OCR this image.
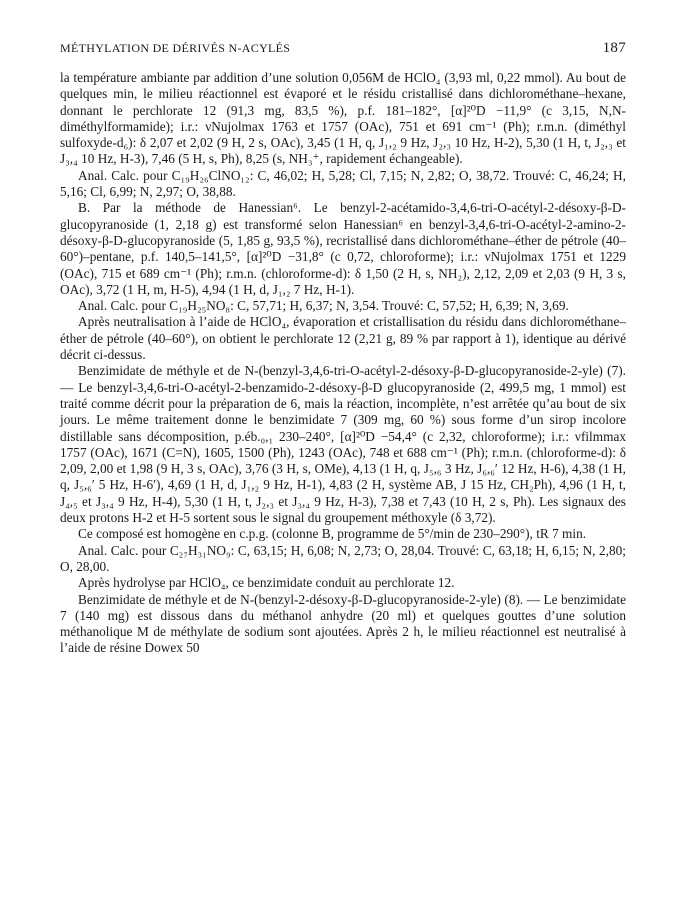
MÉTHYLATION DE DÉRIVÉS N-ACYLÉS	187

la température ambiante par addition d’une solution 0,056M de HClO₄ (3,93 ml, 0,22 mmol). Au bout de quelques min, le milieu réactionnel est évaporé et le résidu cristallisé dans dichlorométhane–hexane, donnant le perchlorate 12 (91,3 mg, 83,5 %), p.f. 181–182°, [α]²⁰D −11,9° (c 3,15, N,N-diméthylformamide); i.r.: νNujolmax 1763 et 1757 (OAc), 751 et 691 cm⁻¹ (Ph); r.m.n. (diméthyl sulfoxyde-d₆): δ 2,07 et 2,02 (9 H, 2 s, OAc), 3,45 (1 H, q, J₁,₂ 9 Hz, J₂,₃ 10 Hz, H-2), 5,30 (1 H, t, J₂,₃ et J₃,₄ 10 Hz, H-3), 7,46 (5 H, s, Ph), 8,25 (s, NH₃⁺, rapidement échangeable).

Anal. Calc. pour C₁₉H₂₆ClNO₁₂: C, 46,02; H, 5,28; Cl, 7,15; N, 2,82; O, 38,72. Trouvé: C, 46,24; H, 5,16; Cl, 6,99; N, 2,97; O, 38,88.

B. Par la méthode de Hanessian⁶. Le benzyl-2-acétamido-3,4,6-tri-O-acétyl-2-désoxy-β-D-glucopyranoside (1, 2,18 g) est transformé selon Hanessian⁶ en benzyl-3,4,6-tri-O-acétyl-2-amino-2-désoxy-β-D-glucopyranoside (5, 1,85 g, 93,5 %), recristallisé dans dichlorométhane–éther de pétrole (40–60°)–pentane, p.f. 140,5–141,5°, [α]²⁰D −31,8° (c 0,72, chloroforme); i.r.: νNujolmax 1751 et 1229 (OAc), 715 et 689 cm⁻¹ (Ph); r.m.n. (chloroforme-d): δ 1,50 (2 H, s, NH₂), 2,12, 2,09 et 2,03 (9 H, 3 s, OAc), 3,72 (1 H, m, H-5), 4,94 (1 H, d, J₁,₂ 7 Hz, H-1).

Anal. Calc. pour C₁₉H₂₅NO₈: C, 57,71; H, 6,37; N, 3,54. Trouvé: C, 57,52; H, 6,39; N, 3,69.

Après neutralisation à l’aide de HClO₄, évaporation et cristallisation du résidu dans dichlorométhane–éther de pétrole (40–60°), on obtient le perchlorate 12 (2,21 g, 89 % par rapport à 1), identique au dérivé décrit ci-dessus.

Benzimidate de méthyle et de N-(benzyl-3,4,6-tri-O-acétyl-2-désoxy-β-D-glucopyranoside-2-yle) (7). — Le benzyl-3,4,6-tri-O-acétyl-2-benzamido-2-désoxy-β-D glucopyranoside (2, 499,5 mg, 1 mmol) est traité comme décrit pour la préparation de 6, mais la réaction, incomplète, n’est arrêtée qu’au bout de six jours. Le même traitement donne le benzimidate 7 (309 mg, 60 %) sous forme d’un sirop incolore distillable sans décomposition, p.éb.₀,₁ 230–240°, [α]²⁰D −54,4° (c 2,32, chloroforme); i.r.: νfilmmax 1757 (OAc), 1671 (C=N), 1605, 1500 (Ph), 1243 (OAc), 748 et 688 cm⁻¹ (Ph); r.m.n. (chloroforme-d): δ 2,09, 2,00 et 1,98 (9 H, 3 s, OAc), 3,76 (3 H, s, OMe), 4,13 (1 H, q, J₅,₆ 3 Hz, J₆,₆′ 12 Hz, H-6), 4,38 (1 H, q, J₅,₆′ 5 Hz, H-6′), 4,69 (1 H, d, J₁,₂ 9 Hz, H-1), 4,83 (2 H, système AB, J 15 Hz, CH₂Ph), 4,96 (1 H, t, J₄,₅ et J₃,₄ 9 Hz, H-4), 5,30 (1 H, t, J₂,₃ et J₃,₄ 9 Hz, H-3), 7,38 et 7,43 (10 H, 2 s, Ph). Les signaux des deux protons H-2 et H-5 sortent sous le signal du groupement méthoxyle (δ 3,72).

Ce composé est homogène en c.p.g. (colonne B, programme de 5°/min de 230–290°), tR 7 min.

Anal. Calc. pour C₂₇H₃₁NO₉: C, 63,15; H, 6,08; N, 2,73; O, 28,04. Trouvé: C, 63,18; H, 6,15; N, 2,80; O, 28,00.

Après hydrolyse par HClO₄, ce benzimidate conduit au perchlorate 12.

Benzimidate de méthyle et de N-(benzyl-2-désoxy-β-D-glucopyranoside-2-yle) (8). — Le benzimidate 7 (140 mg) est dissous dans du méthanol anhydre (20 ml) et quelques gouttes d’une solution méthanolique M de méthylate de sodium sont ajoutées. Après 2 h, le milieu réactionnel est neutralisé à l’aide de résine Dowex 50
